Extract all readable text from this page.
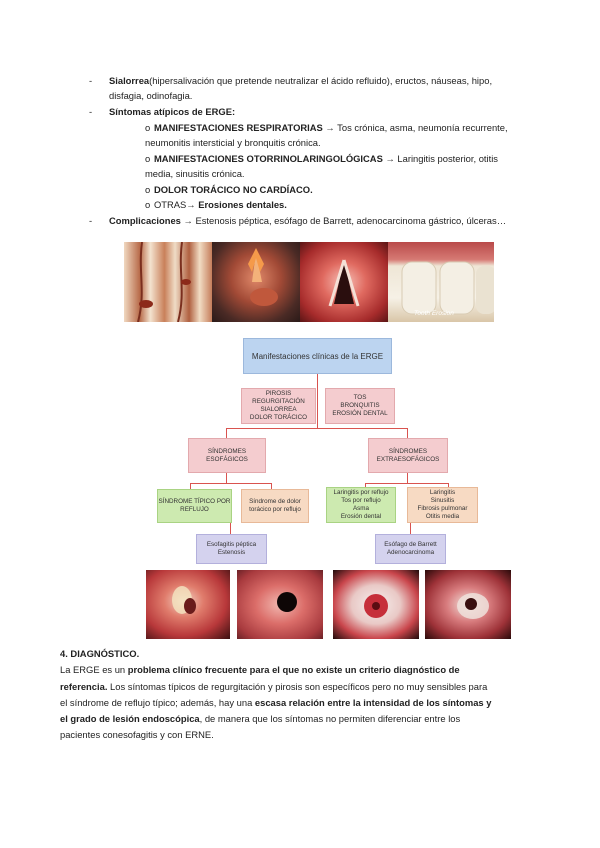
- Sialorrea(hipersalivación que pretende neutralizar el ácido refluido), eructos, náuseas, hipo,
disfagia, odinofagia.
- Síntomas atípicos de ERGE:
o MANIFESTACIONES RESPIRATORIAS → Tos crónica, asma, neumonía recurrente,
neumonitis intersticial y bronquitis crónica.
o MANIFESTACIONES OTORRINOLARINGOLÓGICAS → Laringitis posterior, otitis
media, sinusitis crónica.
o DOLOR TORÁCICO NO CARDÍACO.
o OTRAS→ Erosiones dentales.
- Complicaciones → Estenosis péptica, esófago de Barrett, adenocarcinoma gástrico, úlceras…
Tooth Erosion
Manifestaciones clínicas de la ERGE
PIROSIS
REGURGITACIÓN
SIALORREA
DOLOR TORÁCICO
TOS
BRONQUITIS
EROSIÓN DENTAL
SÍNDROMES
ESOFÁGICOS
SÍNDROMES
EXTRAESOFÁGICOS
SÍNDROME TÍPICO POR
REFLUJO
Síndrome de dolor
torácico por reflujo
Laringitis por reflujo
Tos por reflujo
Asma
Erosión dental
Laringitis
Sinusitis
Fibrosis pulmonar
Otitis media
Esofagitis péptica
Estenosis
Esófago de Barrett
Adenocarcinoma
4. DIAGNÓSTICO.
La ERGE es un problema clínico frecuente para el que no existe un criterio diagnóstico de
referencia. Los síntomas típicos de regurgitación y pirosis son específicos pero no muy sensibles para
el síndrome de reflujo típico; además, hay una escasa relación entre la intensidad de los síntomas y
el grado de lesión endoscópica, de manera que los síntomas no permiten diferenciar entre los
pacientes conesofagitis y con ERNE.
